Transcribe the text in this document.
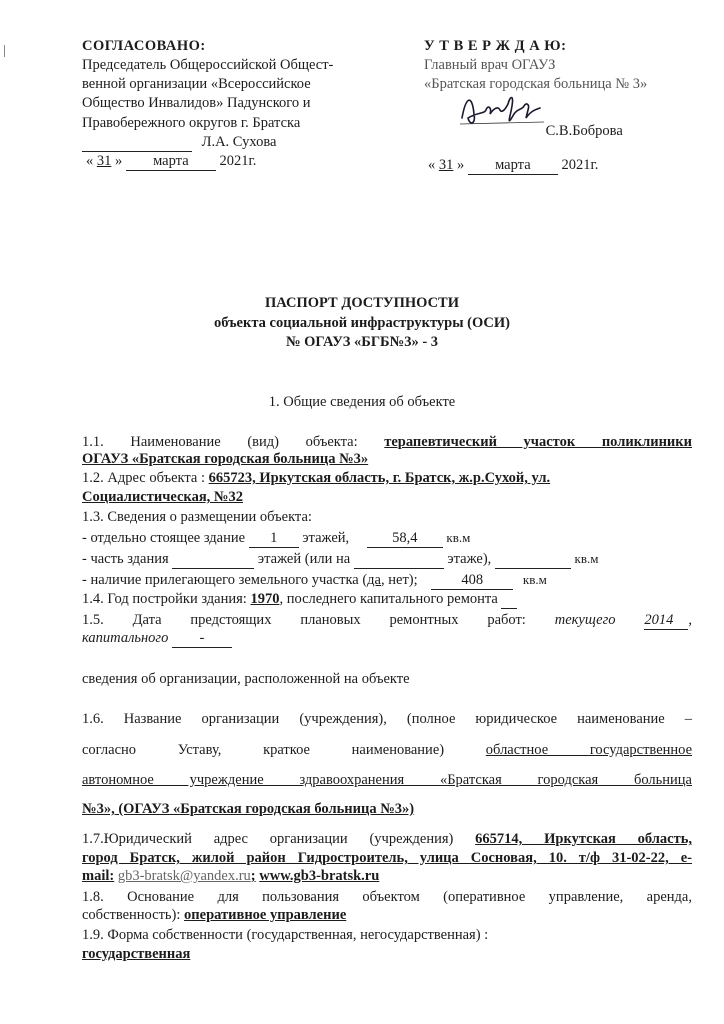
СОГЛАСОВАНО:
Председатель Общероссийской Общест-
венной организации «Всероссийское
Общество Инвалидов» Падунского и
Правобережного округов г. Братска
Л.А. Сухова
« 31 » марта 2021г.
У Т В Е Р Ж Д А Ю:
Главный врач ОГАУЗ
«Братская городская больница № 3»
С.В.Боброва
« 31 » марта 2021г.
ПАСПОРТ ДОСТУПНОСТИ
объекта социальной инфраструктуры (ОСИ)
№ ОГАУЗ «БГБ№3» - 3
1. Общие сведения об объекте
1.1. Наименование (вид) объекта: терапевтический участок поликлиники
ОГАУЗ «Братская городская больница №3»
1.2. Адрес объекта : 665723, Иркутская область, г. Братск, ж.р.Сухой, ул.
Социалистическая, №32
1.3. Сведения о размещении объекта:
- отдельно стоящее здание 1 этажей,	58,4 кв.м
- часть здания	этажей (или на	этаже),	кв.м
- наличие прилегающего земельного участка (да, нет);	408	кв.м
1.4. Год постройки здания: 1970, последнего капитального ремонта
1.5. Дата предстоящих плановых ремонтных работ: текущего 2014 ,
капитального -
сведения об организации, расположенной на объекте
1.6. Название организации (учреждения), (полное юридическое наименование –
согласно Уставу, краткое наименование)	областное государственное
автономное учреждение здравоохранения «Братская городская больница
№3», (ОГАУЗ «Братская городская больница №3»)
1.7.Юридический адрес организации (учреждения) 665714, Иркутская область,
город Братск, жилой район Гидростроитель, улица Сосновая, 10. т/ф 31-02-22, e-
mail: gb3-bratsk@yandex.ru; www.gb3-bratsk.ru
1.8. Основание для пользования объектом (оперативное управление, аренда,
собственность): оперативное управление
1.9. Форма собственности (государственная, негосударственная) :
государственная
